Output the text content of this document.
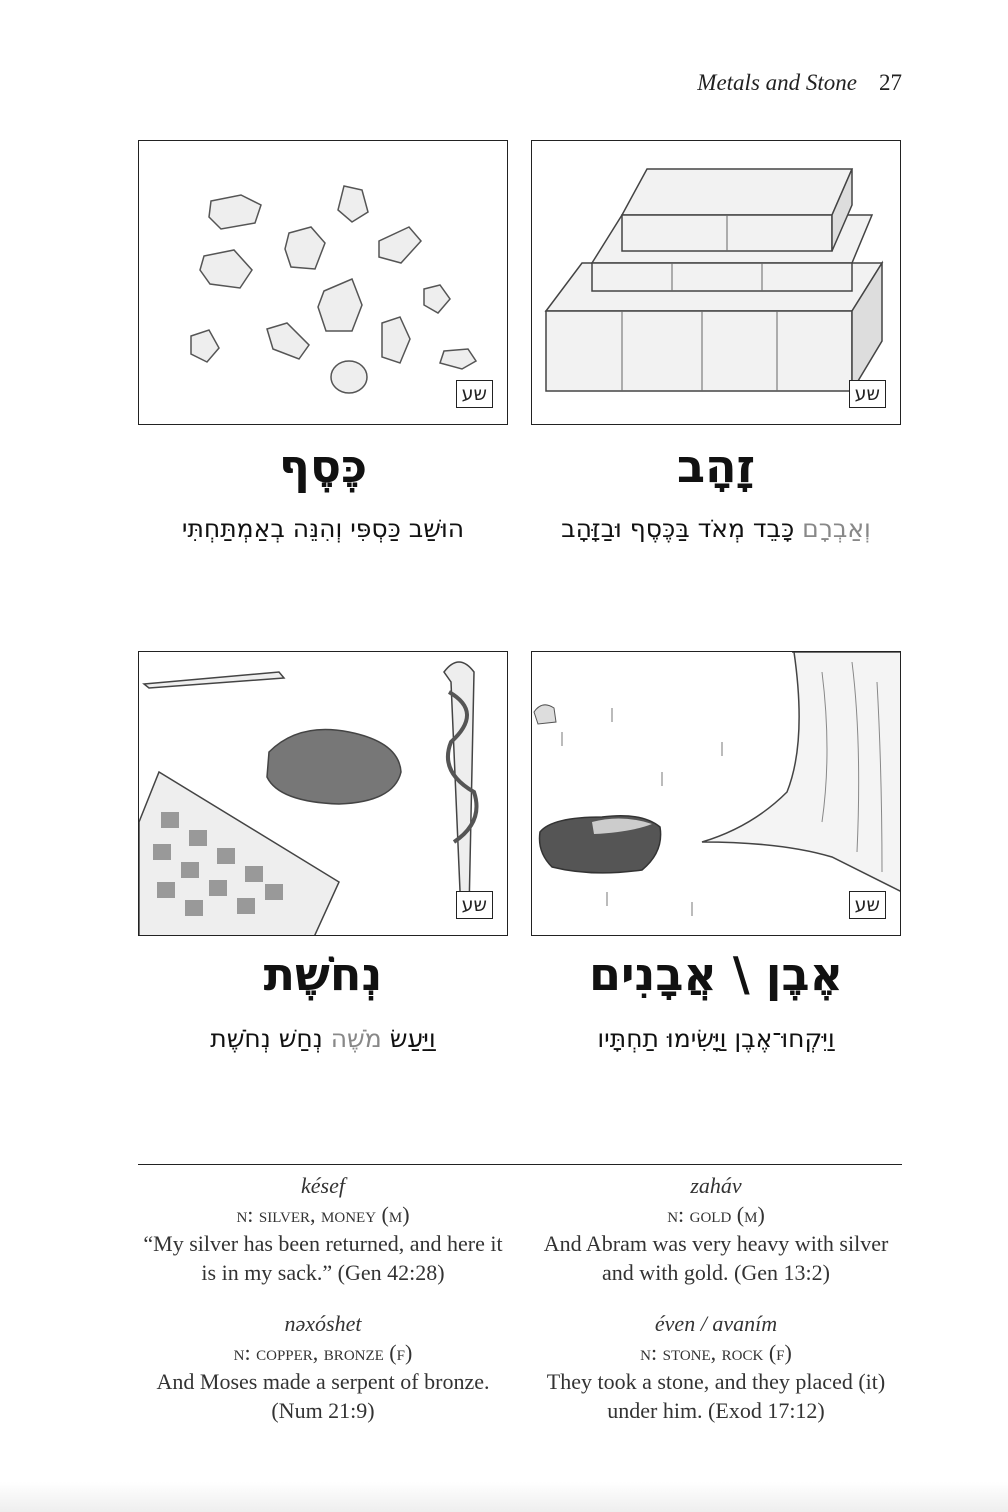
Metals and Stone 27
שע	שע
כֶּסֶף	זָהָב
הוּשַׁב כַּסְפִּי וְהִנֵּה בְאַמְתַּחְתִּי	וְאַבְרָם כָּבֵד מְאֹד בַּכֶּסֶף וּבַזָּהָב
שע	שע
נְחֹשֶׁת	אֶבֶן \ אֲבָנִים
וַיַּעַשׂ מֹשֶׁה נְחַשׁ נְחֹשֶׁת	וַיִּקְחוּ־אֶבֶן וַיָּשִׂימוּ תַחְתָּיו
késef
n: silver, money (m)
“My silver has been returned, and here it is in my sack.” (Gen 42:28)
zaháv
n: gold (m)
And Abram was very heavy with silver and with gold. (Gen 13:2)
nəxóshet
n: copper, bronze (f)
And Moses made a serpent of bronze. (Num 21:9)
éven / avaním
n: stone, rock (f)
They took a stone, and they placed (it) under him. (Exod 17:12)
